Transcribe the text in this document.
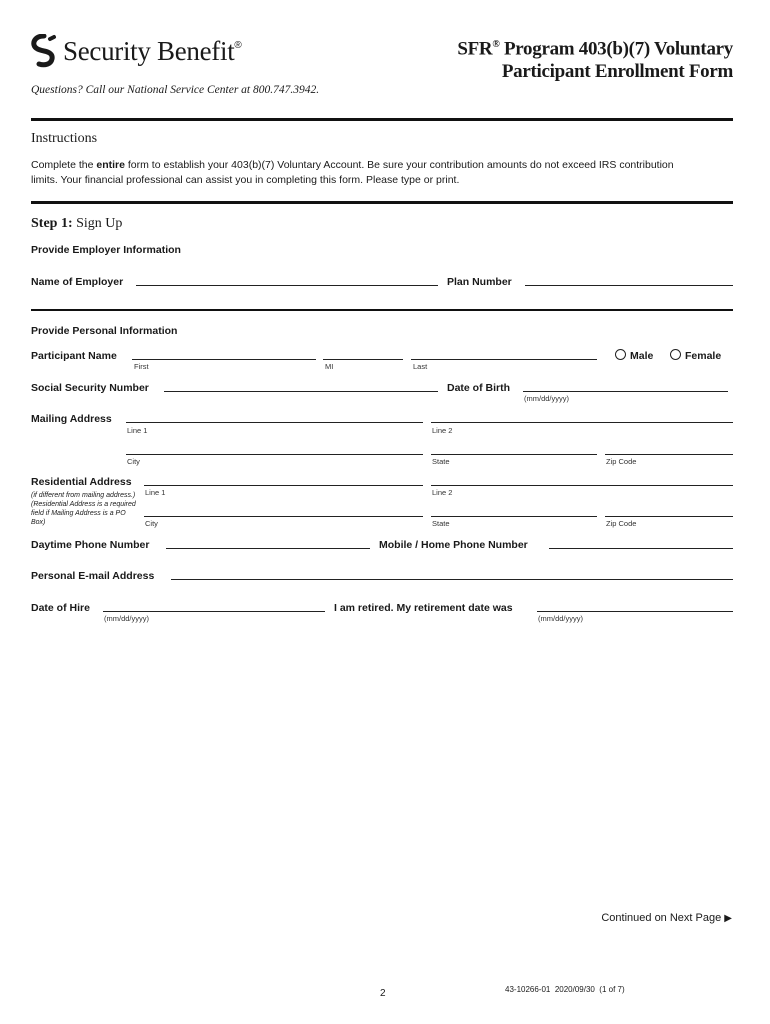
Security Benefit®	SFR® Program 403(b)(7) Voluntary
Participant Enrollment Form
Questions? Call our National Service Center at 800.747.3942.
Instructions
Complete the entire form to establish your 403(b)(7) Voluntary Account. Be sure your contribution amounts do not exceed IRS contribution limits. Your financial professional can assist you in completing this form. Please type or print.
Step 1: Sign Up
Provide Employer Information
Name of Employer	Plan Number
Provide Personal Information
Participant Name
First	MI	Last
Male	Female
Social Security Number	Date of Birth
(mm/dd/yyyy)
Mailing Address
Line 1	Line 2
City	State	Zip Code
Residential Address
(if different from mailing address.) (Residential Address is a required field if Mailing Address is a PO Box)
Line 1	Line 2
City	State	Zip Code
Daytime Phone Number	Mobile / Home Phone Number
Personal E-mail Address
Date of Hire
(mm/dd/yyyy)
I am retired. My retirement date was
(mm/dd/yyyy)
Continued on Next Page ▶
2	43-10266-01  2020/09/30  (1 of 7)
